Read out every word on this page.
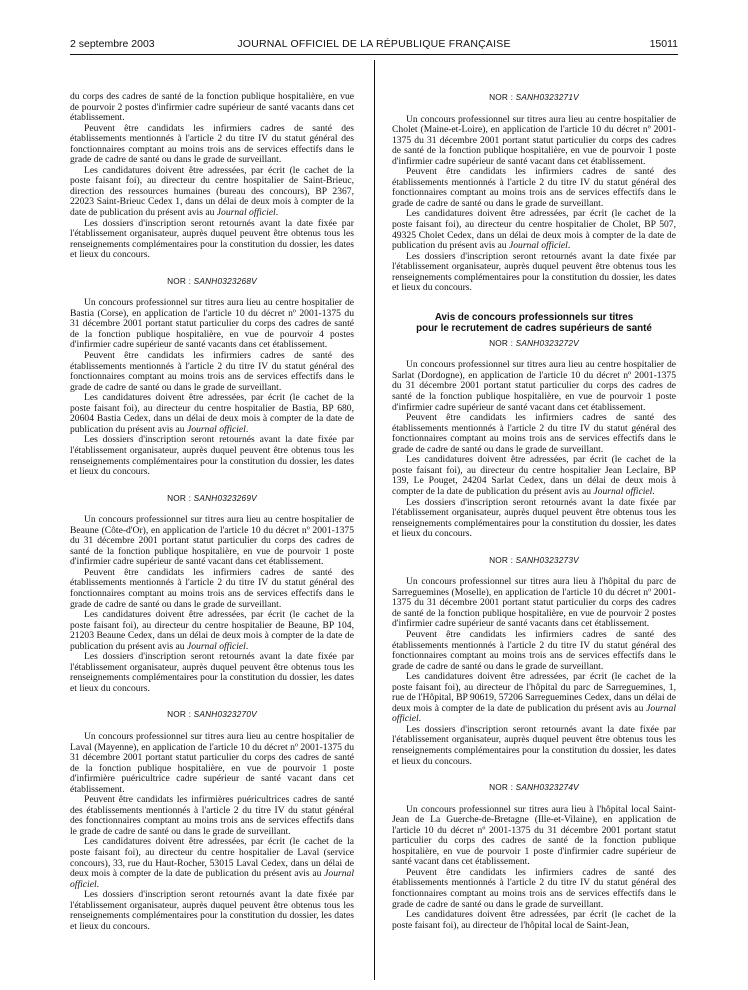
2 septembre 2003	JOURNAL OFFICIEL DE LA RÉPUBLIQUE FRANÇAISE	15011

du corps des cadres de santé de la fonction publique hospitalière, en vue de pourvoir 2 postes d'infirmier cadre supérieur de santé vacants dans cet établissement.

Peuvent être candidats les infirmiers cadres de santé des établissements mentionnés à l'article 2 du titre IV du statut général des fonctionnaires comptant au moins trois ans de services effectifs dans le grade de cadre de santé ou dans le grade de surveillant.

Les candidatures doivent être adressées, par écrit (le cachet de la poste faisant foi), au directeur du centre hospitalier de Saint-Brieuc, direction des ressources humaines (bureau des concours), BP 2367, 22023 Saint-Brieuc Cedex 1, dans un délai de deux mois à compter de la date de publication du présent avis au Journal officiel.

Les dossiers d'inscription seront retournés avant la date fixée par l'établissement organisateur, auprès duquel peuvent être obtenus tous les renseignements complémentaires pour la constitution du dossier, les dates et lieux du concours.

NOR : SANH0323268V

Un concours professionnel sur titres aura lieu au centre hospitalier de Bastia (Corse), en application de l'article 10 du décret nº 2001-1375 du 31 décembre 2001 portant statut particulier du corps des cadres de santé de la fonction publique hospitalière, en vue de pourvoir 4 postes d'infirmier cadre supérieur de santé vacants dans cet établissement.

Peuvent être candidats les infirmiers cadres de santé des établissements mentionnés à l'article 2 du titre IV du statut général des fonctionnaires comptant au moins trois ans de services effectifs dans le grade de cadre de santé ou dans le grade de surveillant.

Les candidatures doivent être adressées, par écrit (le cachet de la poste faisant foi), au directeur du centre hospitalier de Bastia, BP 680, 20604 Bastia Cedex, dans un délai de deux mois à compter de la date de publication du présent avis au Journal officiel.

Les dossiers d'inscription seront retournés avant la date fixée par l'établissement organisateur, auprès duquel peuvent être obtenus tous les renseignements complémentaires pour la constitution du dossier, les dates et lieux du concours.

NOR : SANH0323269V

Un concours professionnel sur titres aura lieu au centre hospitalier de Beaune (Côte-d'Or), en application de l'article 10 du décret nº 2001-1375 du 31 décembre 2001 portant statut particulier du corps des cadres de santé de la fonction publique hospitalière, en vue de pourvoir 1 poste d'infirmier cadre supérieur de santé vacant dans cet établissement.

Peuvent être candidats les infirmiers cadres de santé des établissements mentionnés à l'article 2 du titre IV du statut général des fonctionnaires comptant au moins trois ans de services effectifs dans le grade de cadre de santé ou dans le grade de surveillant.

Les candidatures doivent être adressées, par écrit (le cachet de la poste faisant foi), au directeur du centre hospitalier de Beaune, BP 104, 21203 Beaune Cedex, dans un délai de deux mois à compter de la date de publication du présent avis au Journal officiel.

Les dossiers d'inscription seront retournés avant la date fixée par l'établissement organisateur, auprès duquel peuvent être obtenus tous les renseignements complémentaires pour la constitution du dossier, les dates et lieux du concours.

NOR : SANH0323270V

Un concours professionnel sur titres aura lieu au centre hospitalier de Laval (Mayenne), en application de l'article 10 du décret nº 2001-1375 du 31 décembre 2001 portant statut particulier du corps des cadres de santé de la fonction publique hospitalière, en vue de pourvoir 1 poste d'infirmière puéricultrice cadre supérieur de santé vacant dans cet établissement.

Peuvent être candidats les infirmières puéricultrices cadres de santé des établissements mentionnés à l'article 2 du titre IV du statut général des fonctionnaires comptant au moins trois ans de services effectifs dans le grade de cadre de santé ou dans le grade de surveillant.

Les candidatures doivent être adressées, par écrit (le cachet de la poste faisant foi), au directeur du centre hospitalier de Laval (service concours), 33, rue du Haut-Rocher, 53015 Laval Cedex, dans un délai de deux mois à compter de la date de publication du présent avis au Journal officiel.

Les dossiers d'inscription seront retournés avant la date fixée par l'établissement organisateur, auprès duquel peuvent être obtenus tous les renseignements complémentaires pour la constitution du dossier, les dates et lieux du concours.

NOR : SANH0323271V

Un concours professionnel sur titres aura lieu au centre hospitalier de Cholet (Maine-et-Loire), en application de l'article 10 du décret nº 2001-1375 du 31 décembre 2001 portant statut particulier du corps des cadres de santé de la fonction publique hospitalière, en vue de pourvoir 1 poste d'infirmier cadre supérieur de santé vacant dans cet établissement.

Peuvent être candidats les infirmiers cadres de santé des établissements mentionnés à l'article 2 du titre IV du statut général des fonctionnaires comptant au moins trois ans de services effectifs dans le grade de cadre de santé ou dans le grade de surveillant.

Les candidatures doivent être adressées, par écrit (le cachet de la poste faisant foi), au directeur du centre hospitalier de Cholet, BP 507, 49325 Cholet Cedex, dans un délai de deux mois à compter de la date de publication du présent avis au Journal officiel.

Les dossiers d'inscription seront retournés avant la date fixée par l'établissement organisateur, auprès duquel peuvent être obtenus tous les renseignements complémentaires pour la constitution du dossier, les dates et lieux du concours.

Avis de concours professionnels sur titres
pour le recrutement de cadres supérieurs de santé
NOR : SANH0323272V

Un concours professionnel sur titres aura lieu au centre hospitalier de Sarlat (Dordogne), en application de l'article 10 du décret nº 2001-1375 du 31 décembre 2001 portant statut particulier du corps des cadres de santé de la fonction publique hospitalière, en vue de pourvoir 1 poste d'infirmier cadre supérieur de santé vacant dans cet établissement.

Peuvent être candidats les infirmiers cadres de santé des établissements mentionnés à l'article 2 du titre IV du statut général des fonctionnaires comptant au moins trois ans de services effectifs dans le grade de cadre de santé ou dans le grade de surveillant.

Les candidatures doivent être adressées, par écrit (le cachet de la poste faisant foi), au directeur du centre hospitalier Jean Leclaire, BP 139, Le Pouget, 24204 Sarlat Cedex, dans un délai de deux mois à compter de la date de publication du présent avis au Journal officiel.

Les dossiers d'inscription seront retournés avant la date fixée par l'établissement organisateur, auprès duquel peuvent être obtenus tous les renseignements complémentaires pour la constitution du dossier, les dates et lieux du concours.

NOR : SANH0323273V

Un concours professionnel sur titres aura lieu à l'hôpital du parc de Sarreguemines (Moselle), en application de l'article 10 du décret nº 2001-1375 du 31 décembre 2001 portant statut particulier du corps des cadres de santé de la fonction publique hospitalière, en vue de pourvoir 2 postes d'infirmier cadre supérieur de santé vacants dans cet établissement.

Peuvent être candidats les infirmiers cadres de santé des établissements mentionnés à l'article 2 du titre IV du statut général des fonctionnaires comptant au moins trois ans de services effectifs dans le grade de cadre de santé ou dans le grade de surveillant.

Les candidatures doivent être adressées, par écrit (le cachet de la poste faisant foi), au directeur de l'hôpital du parc de Sarreguemines, 1, rue de l'Hôpital, BP 90619, 57206 Sarreguemines Cedex, dans un délai de deux mois à compter de la date de publication du présent avis au Journal officiel.

Les dossiers d'inscription seront retournés avant la date fixée par l'établissement organisateur, auprès duquel peuvent être obtenus tous les renseignements complémentaires pour la constitution du dossier, les dates et lieux du concours.

NOR : SANH0323274V

Un concours professionnel sur titres aura lieu à l'hôpital local Saint-Jean de La Guerche-de-Bretagne (Ille-et-Vilaine), en application de l'article 10 du décret nº 2001-1375 du 31 décembre 2001 portant statut particulier du corps des cadres de santé de la fonction publique hospitalière, en vue de pourvoir 1 poste d'infirmier cadre supérieur de santé vacant dans cet établissement.

Peuvent être candidats les infirmiers cadres de santé des établissements mentionnés à l'article 2 du titre IV du statut général des fonctionnaires comptant au moins trois ans de services effectifs dans le grade de cadre de santé ou dans le grade de surveillant.

Les candidatures doivent être adressées, par écrit (le cachet de la poste faisant foi), au directeur de l'hôpital local de Saint-Jean,
